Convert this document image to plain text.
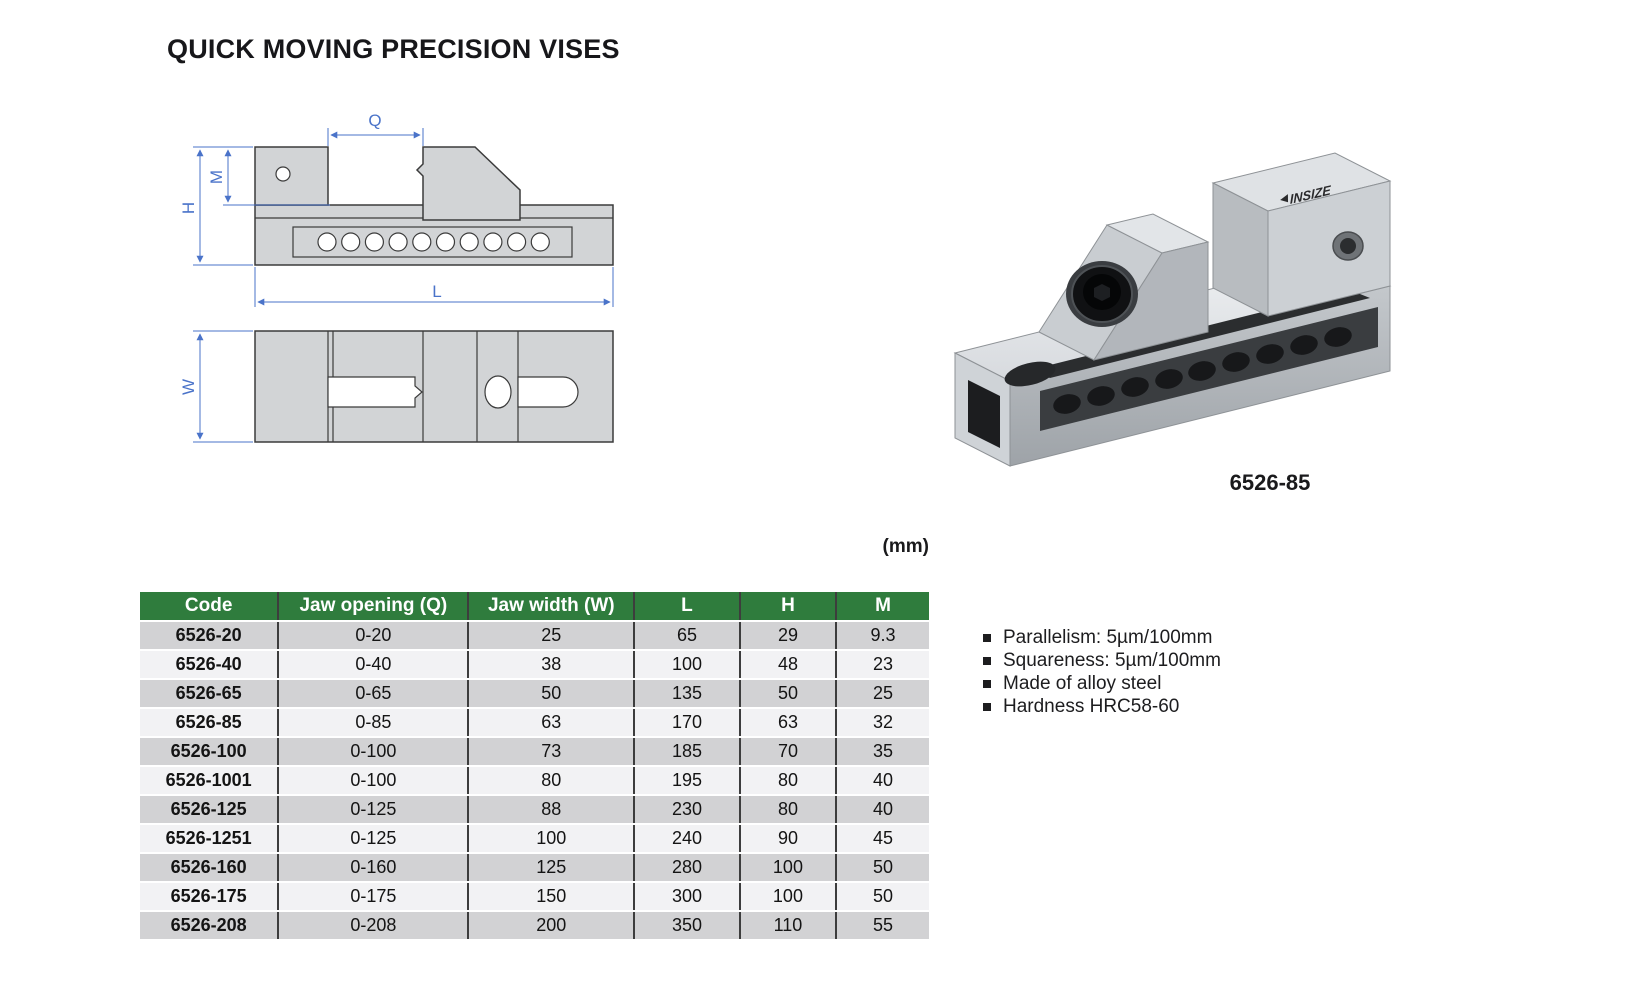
QUICK MOVING PRECISION VISES
Q
H
M
L
W
INSIZE
6526-85
(mm)
Code	Jaw opening (Q)	Jaw width (W)	L	H	M
6526-20	0-20	25	65	29	9.3
6526-40	0-40	38	100	48	23
6526-65	0-65	50	135	50	25
6526-85	0-85	63	170	63	32
6526-100	0-100	73	185	70	35
6526-1001	0-100	80	195	80	40
6526-125	0-125	88	230	80	40
6526-1251	0-125	100	240	90	45
6526-160	0-160	125	280	100	50
6526-175	0-175	150	300	100	50
6526-208	0-208	200	350	110	55
Parallelism: 5µm/100mm
Squareness: 5µm/100mm
Made of alloy steel
Hardness HRC58-60
